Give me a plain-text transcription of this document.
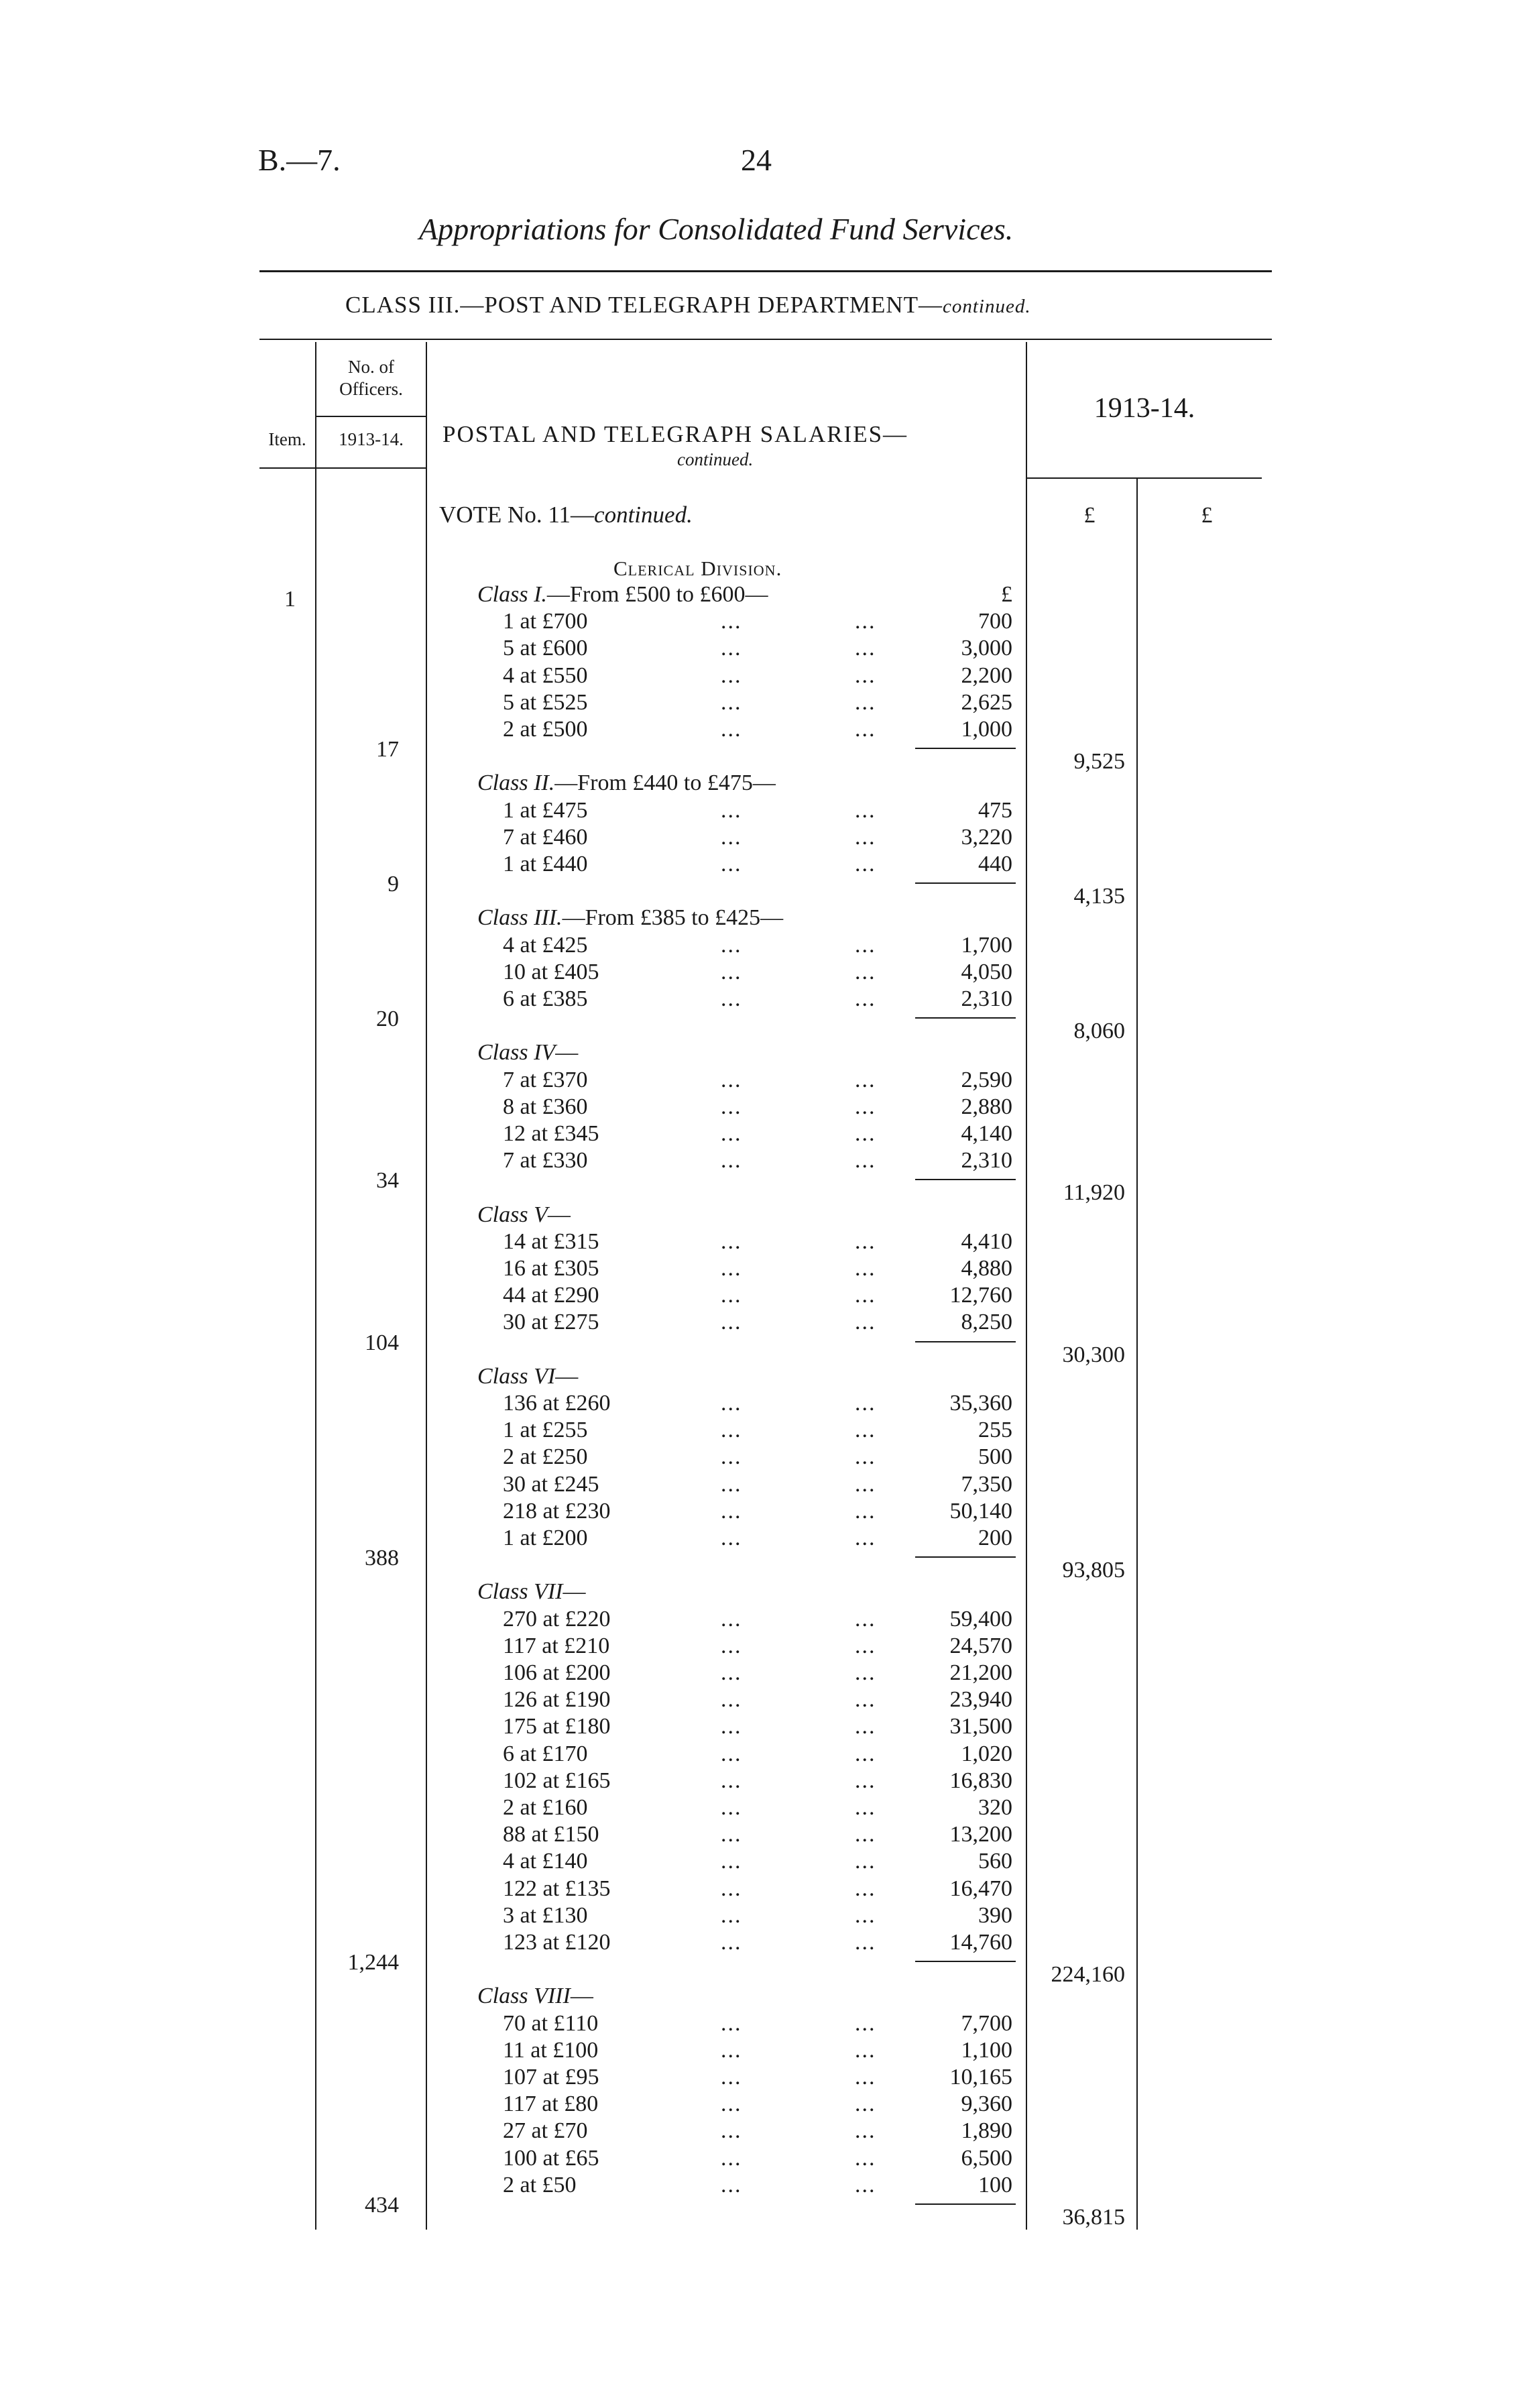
B.—7.	24
Appropriations for Consolidated Fund Services.
CLASS III.—POST AND TELEGRAPH DEPARTMENT—continued.
Item.
No. of
Officers.
1913-14.	POSTAL AND TELEGRAPH SALARIES—
continued.
1913-14.
VOTE No. 11—continued.	£	£
Clerical Division.
1	Class I.—From £500 to £600—	£
1 at £700	...	...	700
5 at £600	...	...	3,000
4 at £550	...	...	2,200
5 at £525	...	...	2,625
2 at £500	...	...	1,000
17	9,525
Class II.—From £440 to £475—
1 at £475	...	...	475
7 at £460	...	...	3,220
1 at £440	...	...	440
9	4,135
Class III.—From £385 to £425—
4 at £425	...	...	1,700
10 at £405	...	...	4,050
6 at £385	...	...	2,310
20	8,060
Class IV—
7 at £370	...	...	2,590
8 at £360	...	...	2,880
12 at £345	...	...	4,140
7 at £330	...	...	2,310
34	11,920
Class V—
14 at £315	...	...	4,410
16 at £305	...	...	4,880
44 at £290	...	...	12,760
30 at £275	...	...	8,250
104	30,300
Class VI—
136 at £260	...	...	35,360
1 at £255	...	...	255
2 at £250	...	...	500
30 at £245	...	...	7,350
218 at £230	...	...	50,140
1 at £200	...	...	200
388	93,805
Class VII—
270 at £220	...	...	59,400
117 at £210	...	...	24,570
106 at £200	...	...	21,200
126 at £190	...	...	23,940
175 at £180	...	...	31,500
6 at £170	...	...	1,020
102 at £165	...	...	16,830
2 at £160	...	...	320
88 at £150	...	...	13,200
4 at £140	...	...	560
122 at £135	...	...	16,470
3 at £130	...	...	390
123 at £120	...	...	14,760
1,244	224,160
Class VIII—
70 at £110	...	...	7,700
11 at £100	...	...	1,100
107 at £95	...	...	10,165
117 at £80	...	...	9,360
27 at £70	...	...	1,890
100 at £65	...	...	6,500
2 at £50	...	...	100
434	36,815
